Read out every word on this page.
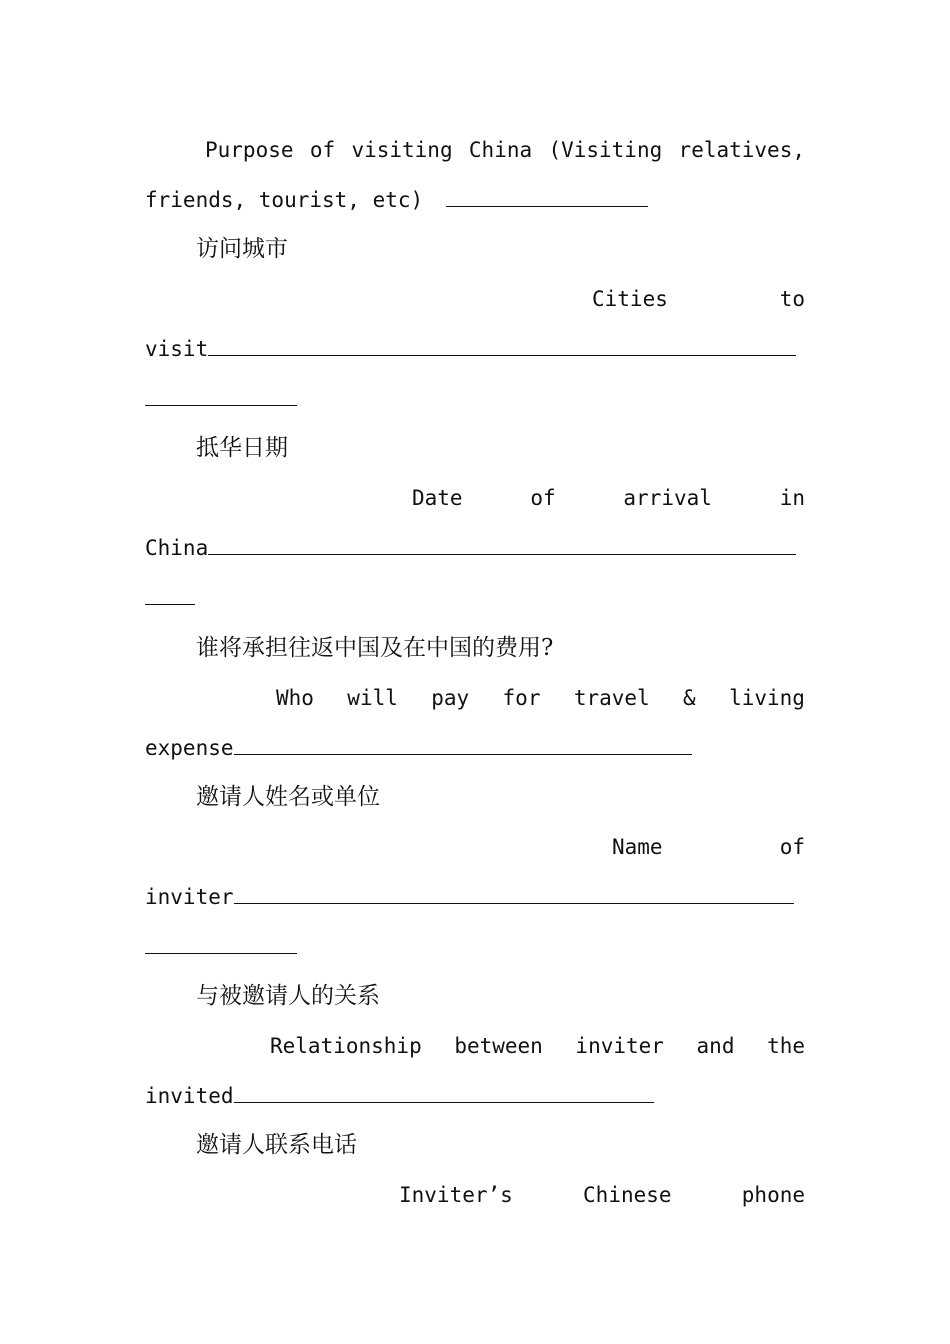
Purpose of visiting China (Visiting relatives,
friends, tourist, etc)
访问城市
Cities	to
visit
抵华日期
Date	of	arrival	in
China
谁将承担往返中国及在中国的费用?
Who will pay for travel & living
expense
邀请人姓名或单位
Name	of
inviter
与被邀请人的关系
Relationship between inviter and the
invited
邀请人联系电话
Inviter’s	Chinese	phone
